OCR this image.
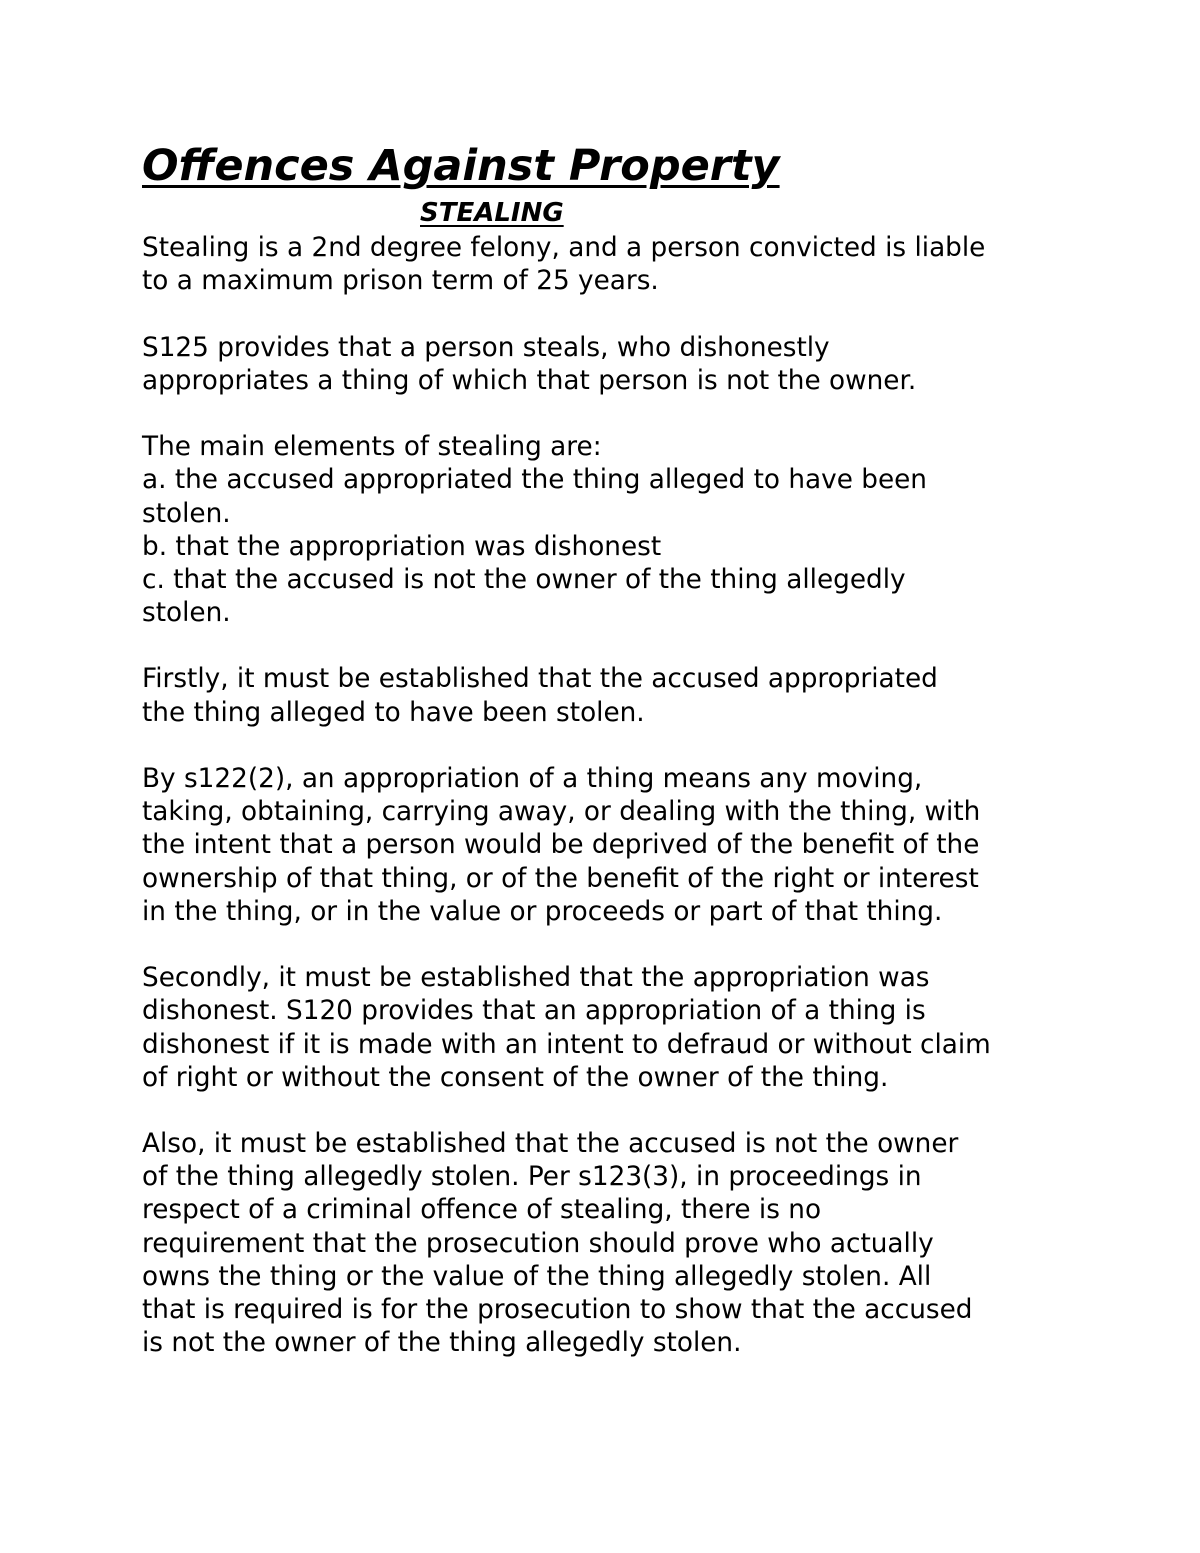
Offences Against Property
STEALING
Stealing is a 2nd degree felony, and a person convicted is liable
to a maximum prison term of 25 years.
S125 provides that a person steals, who dishonestly
appropriates a thing of which that person is not the owner.
The main elements of stealing are:
a. the accused appropriated the thing alleged to have been
stolen.
b. that the appropriation was dishonest
c. that the accused is not the owner of the thing allegedly
stolen.
Firstly, it must be established that the accused appropriated
the thing alleged to have been stolen.
By s122(2), an appropriation of a thing means any moving,
taking, obtaining, carrying away, or dealing with the thing, with
the intent that a person would be deprived of the benefit of the
ownership of that thing, or of the benefit of the right or interest
in the thing, or in the value or proceeds or part of that thing.
Secondly, it must be established that the appropriation was
dishonest. S120 provides that an appropriation of a thing is
dishonest if it is made with an intent to defraud or without claim
of right or without the consent of the owner of the thing.
Also, it must be established that the accused is not the owner
of the thing allegedly stolen. Per s123(3), in proceedings in
respect of a criminal offence of stealing, there is no
requirement that the prosecution should prove who actually
owns the thing or the value of the thing allegedly stolen. All
that is required is for the prosecution to show that the accused
is not the owner of the thing allegedly stolen.
